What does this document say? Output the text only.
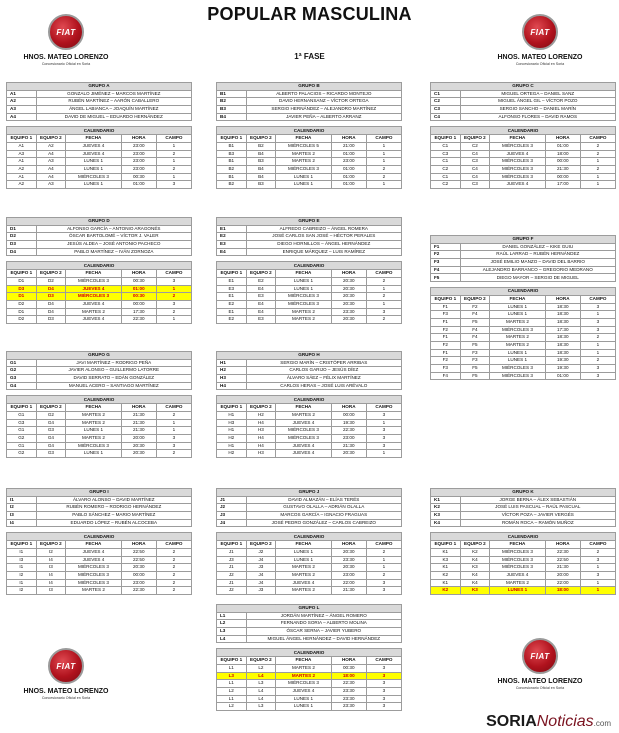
POPULAR MASCULINA
1ª FASE
FIAT
HNOS. MATEO LORENZO
Concesionario Oficial en Soria
FIAT
HNOS. MATEO LORENZO
Concesionario Oficial en Soria
FIAT
HNOS. MATEO LORENZO
Concesionario Oficial en Soria
FIAT
HNOS. MATEO LORENZO
Concesionario Oficial en Soria
GRUPO A	
A1	GONZALO JIMÉNEZ – MARCOS MARTÍNEZ
A2	RUBÉN MARTÍNEZ – AARÓN CABALLERO
A3	ÁNGEL LABIANCA – JOAQUÍN MARTÍNEZ
A4	DAVID DE MIGUEL – EDUARDO HERNÁNDEZ
CALENDARIO				
EQUIPO 1	EQUIPO 2	FECHA	HORA	CAMPO
A1	A2	JUEVES 4	23:00	1
A3	A4	JUEVES 4	23:00	2
A1	A3	LUNES 1	23:00	1
A2	A4	LUNES 1	23:00	2
A1	A4	MIÉRCOLES 3	00:30	1
A2	A3	LUNES 1	01:00	3
GRUPO B	
B1	ALBERTO PALACIOS – RICARDO MONTEJO
B2	DAVID HERNANSANZ – VÍCTOR ORTEGA
B3	SERGIO HERNÁNDEZ – ALEJANDRO MARTÍNEZ
B4	JAVIER PEÑA – ALBERTO ARRANZ
CALENDARIO				
EQUIPO 1	EQUIPO 2	FECHA	HORA	CAMPO
B1	B2	MIÉRCOLES 5	21:00	1
B3	B4	MARTES 2	01:00	1
B1	B3	MARTES 2	23:00	1
B2	B4	MIÉRCOLES 3	01:00	2
B1	B4	LUNES 1	01:00	2
B2	B3	LUNES 1	01:00	1
GRUPO C	
C1	MIGUEL ORTEGA – DANIEL SANZ
C2	MIGUEL ÁNGEL GIL – VÍCTOR POZO
C3	SERGIO SANCHO – DANIEL MARÍN
C4	ALFONSO FLORES – DAVID RAMOS
CALENDARIO				
EQUIPO 1	EQUIPO 2	FECHA	HORA	CAMPO
C1	C2	MIÉRCOLES 3	01:00	2
C3	C4	JUEVES 4	18:00	2
C1	C3	MIÉRCOLES 3	00:00	1
C2	C4	MIÉRCOLES 3	21:30	2
C1	C4	MIÉRCOLES 3	00:00	1
C2	C3	JUEVES 4	17:00	1
GRUPO D	
D1	ALFONSO GARCÍA – ANTONIO ARAGONÉS
D2	ÓSCAR BARTOLOMÉ – VÍCTOR J. VALER
D3	JESÚS ALDEA – JOSÉ ANTONIO PACHECO
D4	PABLO MARTÍNEZ – IVÁN ZORNOZA
CALENDARIO				
EQUIPO 1	EQUIPO 2	FECHA	HORA	CAMPO
D1	D2	MIÉRCOLES 3	00:30	3
D3	D4	JUEVES 4	01:00	1
D1	D3	MIÉRCOLES 3	00:30	2
D2	D4	JUEVES 4	00:00	3
D1	D4	MARTES 2	17:30	2
D2	D3	JUEVES 4	22:30	1
GRUPO E	
E1	ALFREDO CABREIZO – ÁNGEL ROMERA
E2	JOSÉ CARLOS SAN JOSÉ – HÉCTOR PERALES
E3	DIEGO HORNILLOS – ÁNGEL HERNÁNDEZ
E4	ENRIQUE MÁRQUEZ – LUIS RAMÍREZ
CALENDARIO				
EQUIPO 1	EQUIPO 2	FECHA	HORA	CAMPO
E1	E2	LUNES 1	20:30	2
E3	E4	LUNES 1	20:30	1
E1	E3	MIÉRCOLES 3	20:30	2
E2	E4	MIÉRCOLES 3	20:30	1
E1	E4	MARTES 2	23:30	3
E2	E3	MARTES 2	20:30	2
GRUPO F	
F1	DANIEL GONZÁLEZ – KIKE GUIU
F2	RAÚL LARRAD – RUBÉN HERNÁNDEZ
F3	JOSÉ EMILIO MANZO – DAVID DEL BARRIO
F4	ALEJANDRO BARRANCO – GREGORIO MEDRANO
F5	DIEGO MAYOR – SERGIO DE MIGUEL
CALENDARIO				
EQUIPO 1	EQUIPO 2	FECHA	HORA	CAMPO
F1	F2	LUNES 1	18:30	3
F3	F4	LUNES 1	18:30	1
F1	F5	MARTES 2	18:30	3
F2	F4	MIÉRCOLES 3	17:30	3
F1	F4	MARTES 2	18:30	2
F2	F5	MARTES 2	18:30	1
F1	F3	LUNES 1	18:30	1
F2	F3	LUNES 1	19:30	2
F3	F5	MIÉRCOLES 3	19:30	3
F4	F5	MIÉRCOLES 3	01:00	3
GRUPO G	
G1	JAVI MARTÍNEZ – RODRIGO PEÑA
G2	JAVIER ALONSO – GUILLERMO LATORRE
G3	DAVID SERRATO – EDÁN GONZÁLEZ
G4	MANUEL ACERO – SANTIAGO MARTÍNEZ
CALENDARIO				
EQUIPO 1	EQUIPO 2	FECHA	HORA	CAMPO
G1	G2	MARTES 2	21:30	2
G3	G4	MARTES 2	21:30	1
G1	G3	LUNES 1	21:30	1
G2	G4	MARTES 2	20:00	3
G1	G4	MIÉRCOLES 3	20:30	3
G2	G3	LUNES 1	20:30	2
GRUPO H	
H1	SERGIO MARÍN – CRISTÓPER ARRIBAS
H2	CARLOS GARIJO – JESÚS DÍEZ
H3	ÁLVARO SÁEZ – FÉLIX MARTÍNEZ
H4	CARLOS HERAS – JOSÉ LUIS ARÉVALO
CALENDARIO				
EQUIPO 1	EQUIPO 2	FECHA	HORA	CAMPO
H1	H2	MARTES 2	00:00	3
H3	H4	JUEVES 4	19:30	1
H1	H3	MIÉRCOLES 3	22:30	3
H2	H4	MIÉRCOLES 3	23:00	3
H1	H4	JUEVES 4	21:30	3
H2	H3	JUEVES 4	20:30	1
GRUPO I	
I1	ÁLVARO ALONSO – DAVID MARTÍNEZ
I2	RUBÉN ROMERO – RODRIGO HERNÁNDEZ
I3	PABLO SÁNCHEZ – MARIO MARTÍNEZ
I4	EDUARDO LÓPEZ – RUBÉN ALCOCEBA
CALENDARIO				
EQUIPO 1	EQUIPO 2	FECHA	HORA	CAMPO
I1	I2	JUEVES 4	22:50	2
I3	I4	JUEVES 4	22:50	2
I1	I3	MIÉRCOLES 3	20:30	2
I2	I4	MIÉRCOLES 3	00:00	2
I1	I4	MIÉRCOLES 3	23:00	2
I2	I3	MARTES 2	22:30	2
GRUPO J	
J1	DAVID ALMAZÁN – ELÍAS TERÉS
J2	GUSTAVO OLALLA – ADRIÁN OLALLA
J3	MARCOS GARCÍA – IGNACIO FRAGUAS
J4	JOSÉ PEDRO GONZÁLEZ – CARLOS CABREIZO
CALENDARIO				
EQUIPO 1	EQUIPO 2	FECHA	HORA	CAMPO
J1	J2	LUNES 1	20:30	2
J3	J4	LUNES 1	23:30	1
J1	J3	MARTES 2	20:30	1
J2	J4	MARTES 2	23:00	2
J1	J4	JUEVES 4	22:00	3
J2	J3	MARTES 2	21:30	3
GRUPO K	
K1	JORGE BERNA – ÁLEX SEBASTIÁN
K2	JOSÉ LUIS PASCUAL – RAÚL PASCUAL
K3	VÍCTOR POZA – JAVIER VERGÉS
K4	ROMÁN ROCA – RAMÓN MUÑOZ
CALENDARIO				
EQUIPO 1	EQUIPO 2	FECHA	HORA	CAMPO
K1	K2	MIÉRCOLES 3	22:30	2
K3	K4	MIÉRCOLES 3	22:50	3
K1	K3	MIÉRCOLES 3	21:30	1
K2	K4	JUEVES 4	20:00	3
K1	K4	MARTES 2	22:00	1
K2	K3	LUNES 1	18:00	1
GRUPO L	
L1	JORDÁN MARTÍNEZ – ÁNGEL ROMERO
L2	FERNANDO SORIA – ALBERTO MOLINA
L3	ÓSCAR SERNA – JAVIER YUBERO
L4	MIGUEL ÁNGEL HERNÁNDEZ – DAVID HERNÁNDEZ
CALENDARIO				
EQUIPO 1	EQUIPO 2	FECHA	HORA	CAMPO
L1	L2	MARTES 2	00:30	3
L3	L4	MARTES 2	18:00	3
L1	L3	MIÉRCOLES 3	22:30	3
L2	L4	JUEVES 4	23:30	3
L1	L4	LUNES 1	23:30	3
L2	L3	LUNES 1	23:30	3
SORIANoticias.com
